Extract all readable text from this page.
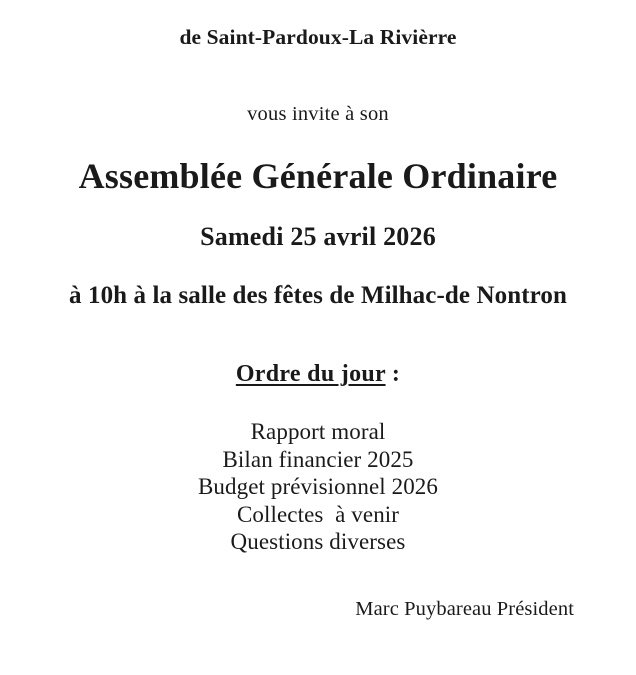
de Saint-Pardoux-La Rivièrre
vous invite à son
Assemblée Générale Ordinaire
Samedi 25 avril 2026
à 10h à la salle des fêtes de Milhac-de Nontron
Ordre du jour :
Rapport moral
Bilan financier 2025
Budget prévisionnel 2026
Collectes  à venir
Questions diverses
Marc Puybareau Président
